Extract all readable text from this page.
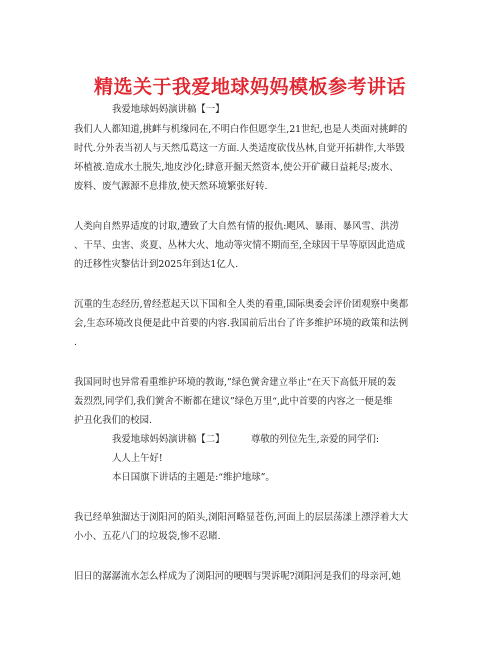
精选关于我爱地球妈妈模板参考讲话
我爱地球妈妈演讲稿【一】
我们人人都知道,挑衅与机缘同在,不明白作但愿孪生,21世纪,也是人类面对挑衅的
时代.分外表当初人与天然瓜葛这一方面.人类适度砍伐丛林,自觉开拓耕作,大举毁
坏植被.造成水土脱失,地皮沙化;肆意开掘天然资本,使公开矿藏日益耗尽;废水、
废料、废气源源不息排放,使天然环境繁张好转.
人类向自然界适度的讨取,遭致了大自然有情的报仇:飓风、暴雨、暴风雪、洪涝
、干旱、虫害、炎夏、丛林大火、地动等灾情不期而至,全球因干旱等原因此造成
的迁移性灾黎估计到2025年到达1亿人.
沉重的生态经历,曾经惹起天以下国和全人类的看重,国际奥委会评价团观察中奥都
会,生态环境改良便是此中首要的内容.我国前后出台了许多维护环境的政策和法例
.
我国同时也异常看重维护环境的教诲,”绿色黉舍建立举止“在天下高低开展的轰
轰烈烈,同学们,我们黉舍不断都在建议”绿色万里“,此中首要的内容之一便是维
护丑化我们的校园.
我爱地球妈妈演讲稿【二】	尊敬的列位先生,亲爱的同学们:
人人上午好!
本日国旗下讲话的主题是:“维护地球”。
我已经单独溜达于浏阳河的陌头,浏阳河略显苍伤,河面上的层层荡漾上漂浮着大大
小小、五花八门的垃圾袋,惨不忍睹.
旧日的潺潺流水怎么样成为了浏阳河的哽咽与哭诉呢?浏阳河是我们的母亲河,她
